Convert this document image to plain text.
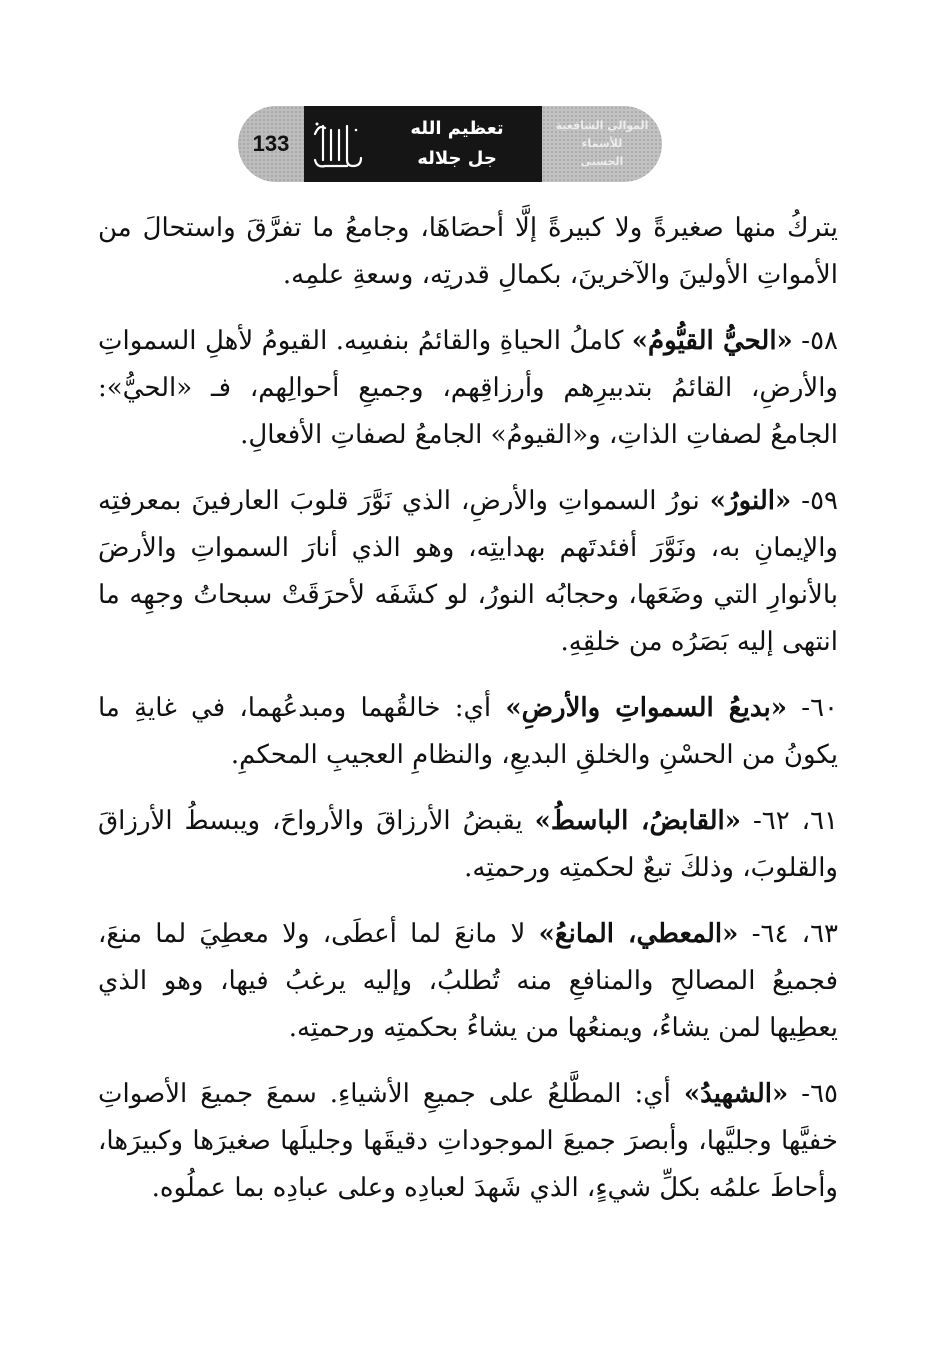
133
تعظيم الله
جل جلاله
الموالي الشافعية
للأسماء
الحسنى

يتركُ منها صغيرةً ولا كبيرةً إلَّا أحصَاهَا، وجامعُ ما تفرَّقَ واستحالَ من الأمواتِ الأولينَ والآخرينَ، بكمالِ قدرتِه، وسعةِ علمِه.

٥٨- «الحيُّ القيُّومُ» كاملُ الحياةِ والقائمُ بنفسِه. القيومُ لأهلِ السمواتِ والأرضِ، القائمُ بتدبيرِهم وأرزاقِهم، وجميعِ أحوالِهم، فـ «الحيُّ»: الجامعُ لصفاتِ الذاتِ، و«القيومُ» الجامعُ لصفاتِ الأفعالِ.

٥٩- «النورُ» نورُ السمواتِ والأرضِ، الذي نَوَّرَ قلوبَ العارفينَ بمعرفتِه والإيمانِ به، ونَوَّرَ أفئدتَهم بهدايتِه، وهو الذي أنارَ السمواتِ والأرضَ بالأنوارِ التي وضَعَها، وحجابُه النورُ، لو كشَفَه لأحرَقَتْ سبحاتُ وجهِه ما انتهى إليه بَصَرُه من خلقِهِ.

٦٠- «بديعُ السمواتِ والأرضِ» أي: خالقُهما ومبدعُهما، في غايةِ ما يكونُ من الحسْنِ والخلقِ البديعِ، والنظامِ العجيبِ المحكمِ.

٦١، ٦٢- «القابضُ، الباسطُ» يقبضُ الأرزاقَ والأرواحَ، ويبسطُ الأرزاقَ والقلوبَ، وذلكَ تبعٌ لحكمتِه ورحمتِه.

٦٣، ٦٤- «المعطي، المانعُ» لا مانعَ لما أعطَى، ولا معطِيَ لما منعَ، فجميعُ المصالحِ والمنافعِ منه تُطلبُ، وإليه يرغبُ فيها، وهو الذي يعطِيها لمن يشاءُ، ويمنعُها من يشاءُ بحكمتِه ورحمتِه.

٦٥- «الشهيدُ» أي: المطَّلعُ على جميعِ الأشياءِ. سمعَ جميعَ الأصواتِ خفيَّها وجليَّها، وأبصرَ جميعَ الموجوداتِ دقيقَها وجليلَها صغيرَها وكبيرَها، وأحاطَ علمُه بكلِّ شيءٍ، الذي شَهدَ لعبادِه وعلى عبادِه بما عملُوه.
